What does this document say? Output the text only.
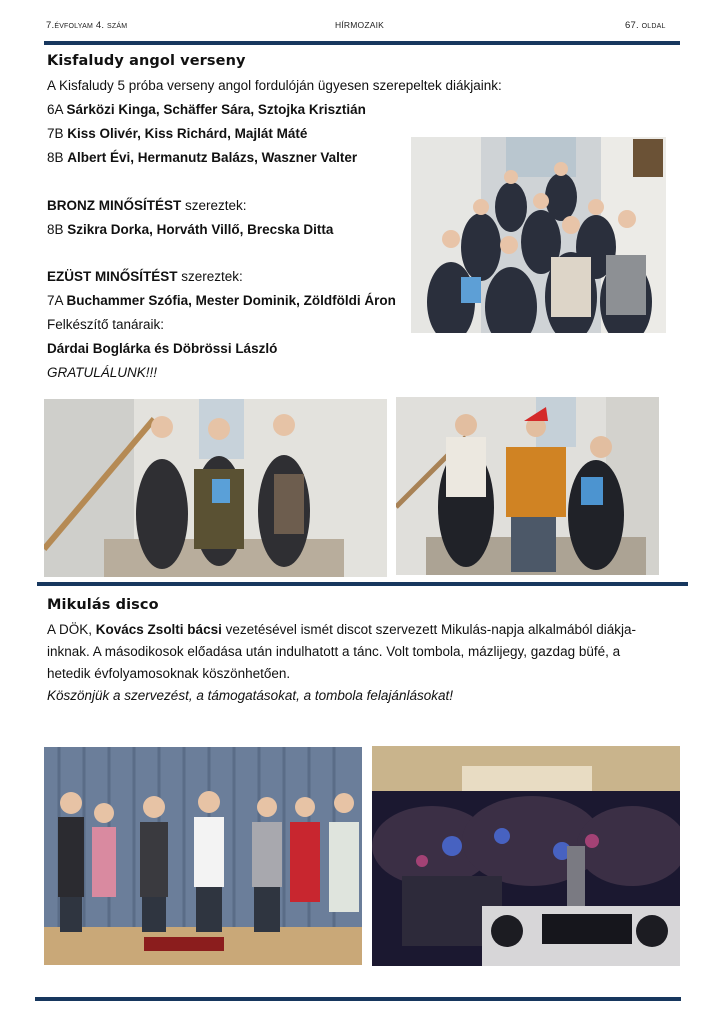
7.évfolyam 4. szám	HÍRMOZAIK	67. oldal
Kisfaludy angol verseny
A Kisfaludy 5 próba verseny angol fordulóján ügyesen szerepeltek diákjaink:
6A Sárközi Kinga, Schäffer Sára, Sztojka Krisztián
7B Kiss Olivér, Kiss Richárd, Majlát Máté
8B Albert Évi, Hermanutz Balázs, Waszner Valter
BRONZ MINŐSÍTÉST szereztek:
8B Szikra Dorka, Horváth Villő, Brecska Ditta
EZÜST MINŐSÍTÉST szereztek:
7A Buchammer Szófia, Mester Dominik, Zöldföldi Áron
Felkészítő tanáraik:
Dárdai Boglárka és Döbrössi László
GRATULÁLUNK!!!
Mikulás disco
A DÖK, Kovács Zsolti bácsi vezetésével ismét discot szervezett Mikulás-napja alkalmából diákja-
inknak. A másodikosok előadása után indulhatott a tánc. Volt tombola, mázlijegy, gazdag büfé, a
hetedik évfolyamosoknak köszönhetően.
Köszönjük a szervezést, a támogatásokat, a tombola felajánlásokat!
